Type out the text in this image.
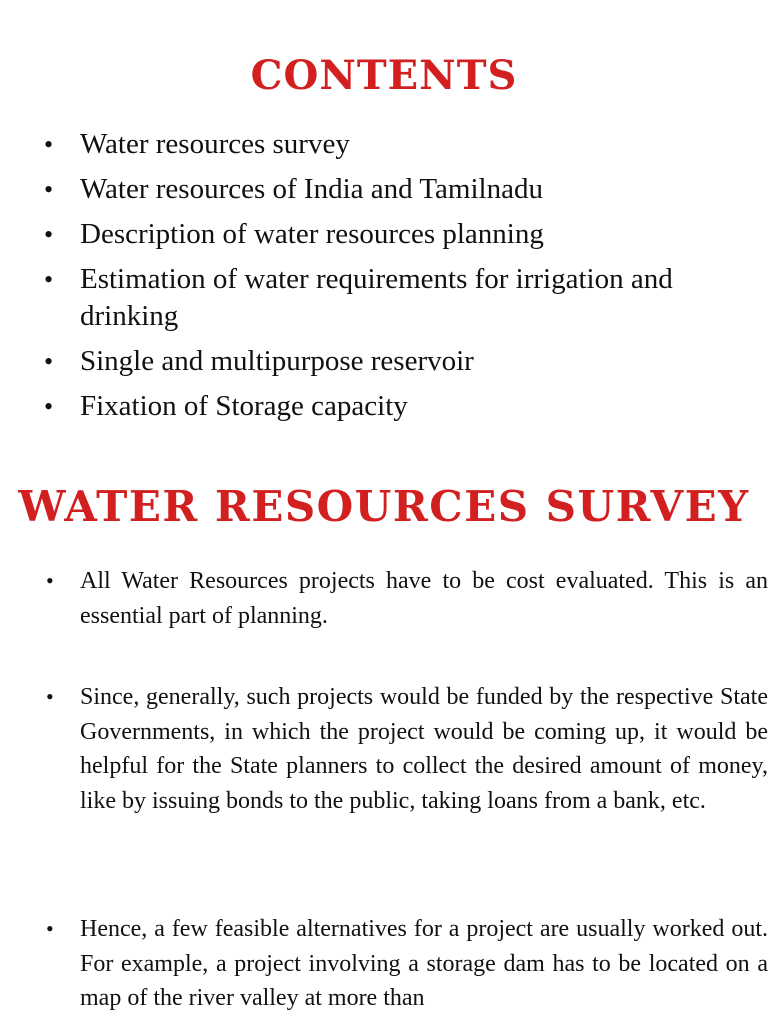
CONTENTS
• Water resources survey
• Water resources of India and Tamilnadu
• Description of water resources planning
• Estimation of water requirements for irrigation and drinking
• Single and multipurpose reservoir
• Fixation of Storage capacity
WATER RESOURCES SURVEY

• All Water Resources projects have to be cost evaluated. This is an essential part of planning.

• Since, generally, such projects would be funded by the respective State Governments, in which the project would be coming up, it would be helpful for the State planners to collect the desired amount of money, like by issuing bonds to the public, taking loans from a bank, etc.

• Hence, a few feasible alternatives for a project are usually worked out. For example, a project involving a storage dam has to be located on a map of the river valley at more than
